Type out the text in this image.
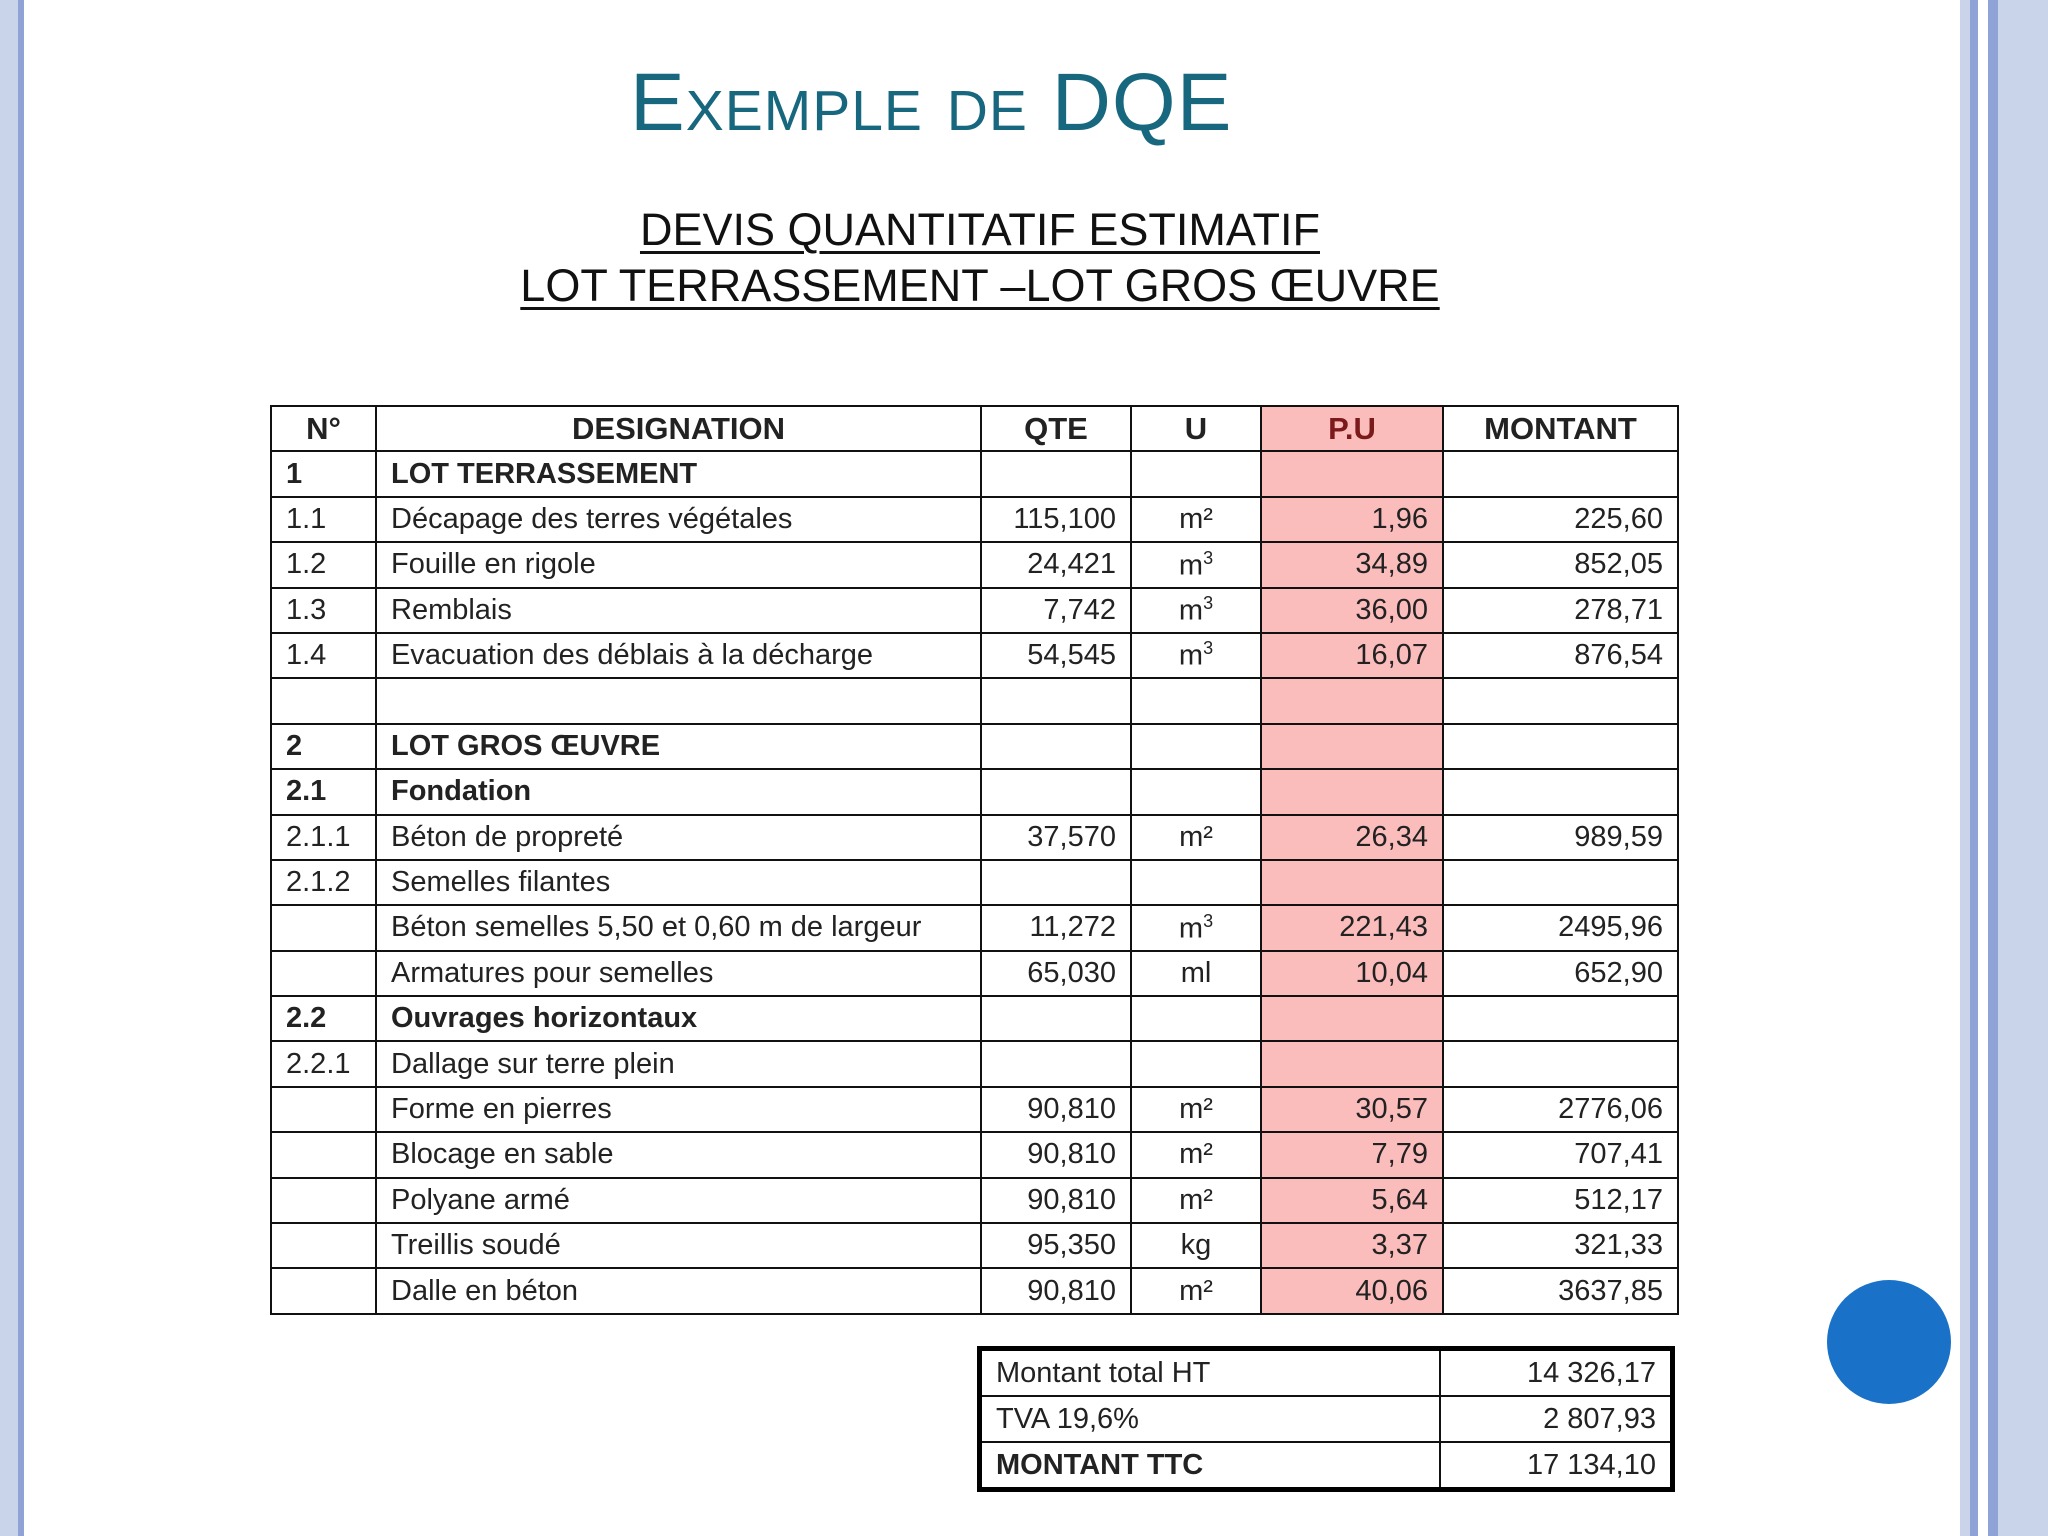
Exemple de DQE
DEVIS QUANTITATIF ESTIMATIF
LOT TERRASSEMENT –LOT GROS ŒUVRE
N°	DESIGNATION	QTE	U	P.U	MONTANT
1	LOT TERRASSEMENT				
1.1	Décapage des terres végétales	115,100	m²	1,96	225,60
1.2	Fouille en rigole	24,421	$m^3$	34,89	852,05
1.3	Remblais	7,742	$m^3$	36,00	278,71
1.4	Evacuation des déblais à la décharge	54,545	$m^3$	16,07	876,54

2	LOT GROS ŒUVRE				
2.1	Fondation				
2.1.1	Béton de propreté	37,570	m²	26,34	989,59
2.1.2	Semelles filantes				
	Béton semelles 5,50 et 0,60 m de largeur	11,272	$m^3$	221,43	2495,96
	Armatures pour semelles	65,030	ml	10,04	652,90
2.2	Ouvrages horizontaux				
2.2.1	Dallage sur terre plein				
	Forme en pierres	90,810	m²	30,57	2776,06
	Blocage en sable	90,810	m²	7,79	707,41
	Polyane armé	90,810	m²	5,64	512,17
	Treillis soudé	95,350	kg	3,37	321,33
	Dalle en béton	90,810	m²	40,06	3637,85
Montant total HT	14 326,17
TVA 19,6%	2 807,93
MONTANT TTC	17 134,10
